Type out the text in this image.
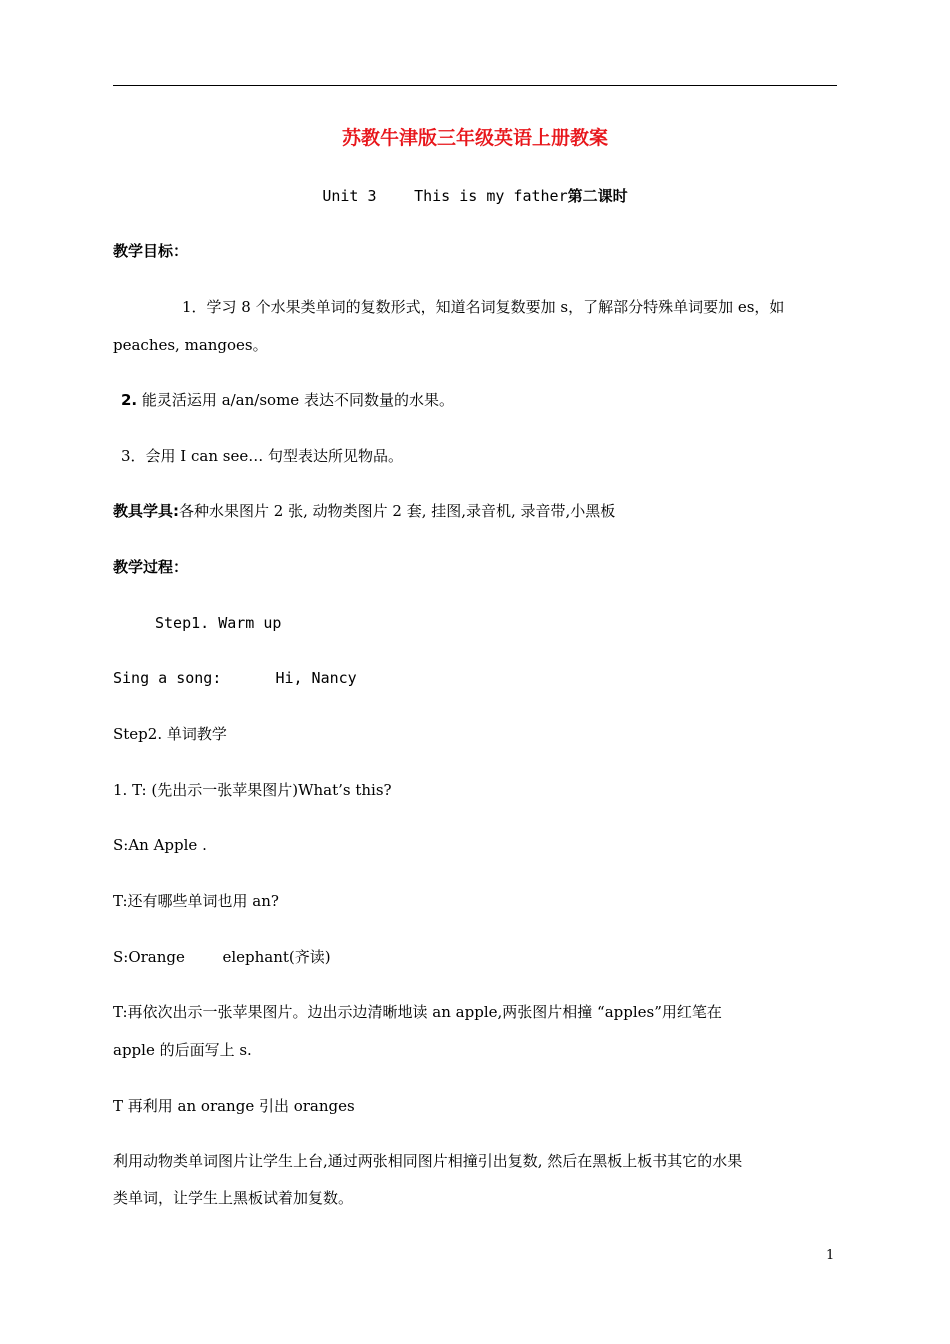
苏教牛津版三年级英语上册教案
Unit 3	This is my father第二课时
教学目标：
1．学习 8 个水果类单词的复数形式，知道名词复数要加 s，了解部分特殊单词要加 es，如
peaches, mangoes。
2. 能灵活运用 a/an/some 表达不同数量的水果。
3．会用 I can see… 句型表达所见物品。
教具学具:各种水果图片 2 张, 动物类图片 2 套, 挂图,录音机, 录音带,小黑板
教学过程：
Step1. Warm up
Sing a song:	Hi, Nancy
Step2. 单词教学
1. T: (先出示一张苹果图片)What’s this?
S:An Apple .
T:还有哪些单词也用 an?
S:Orange	elephant(齐读)
T:再依次出示一张苹果图片。边出示边清晰地读 an apple,两张图片相撞 “apples”用红笔在
apple 的后面写上 s.
T 再利用 an orange 引出 oranges
利用动物类单词图片让学生上台,通过两张相同图片相撞引出复数, 然后在黑板上板书其它的水果
类单词，让学生上黑板试着加复数。
1
